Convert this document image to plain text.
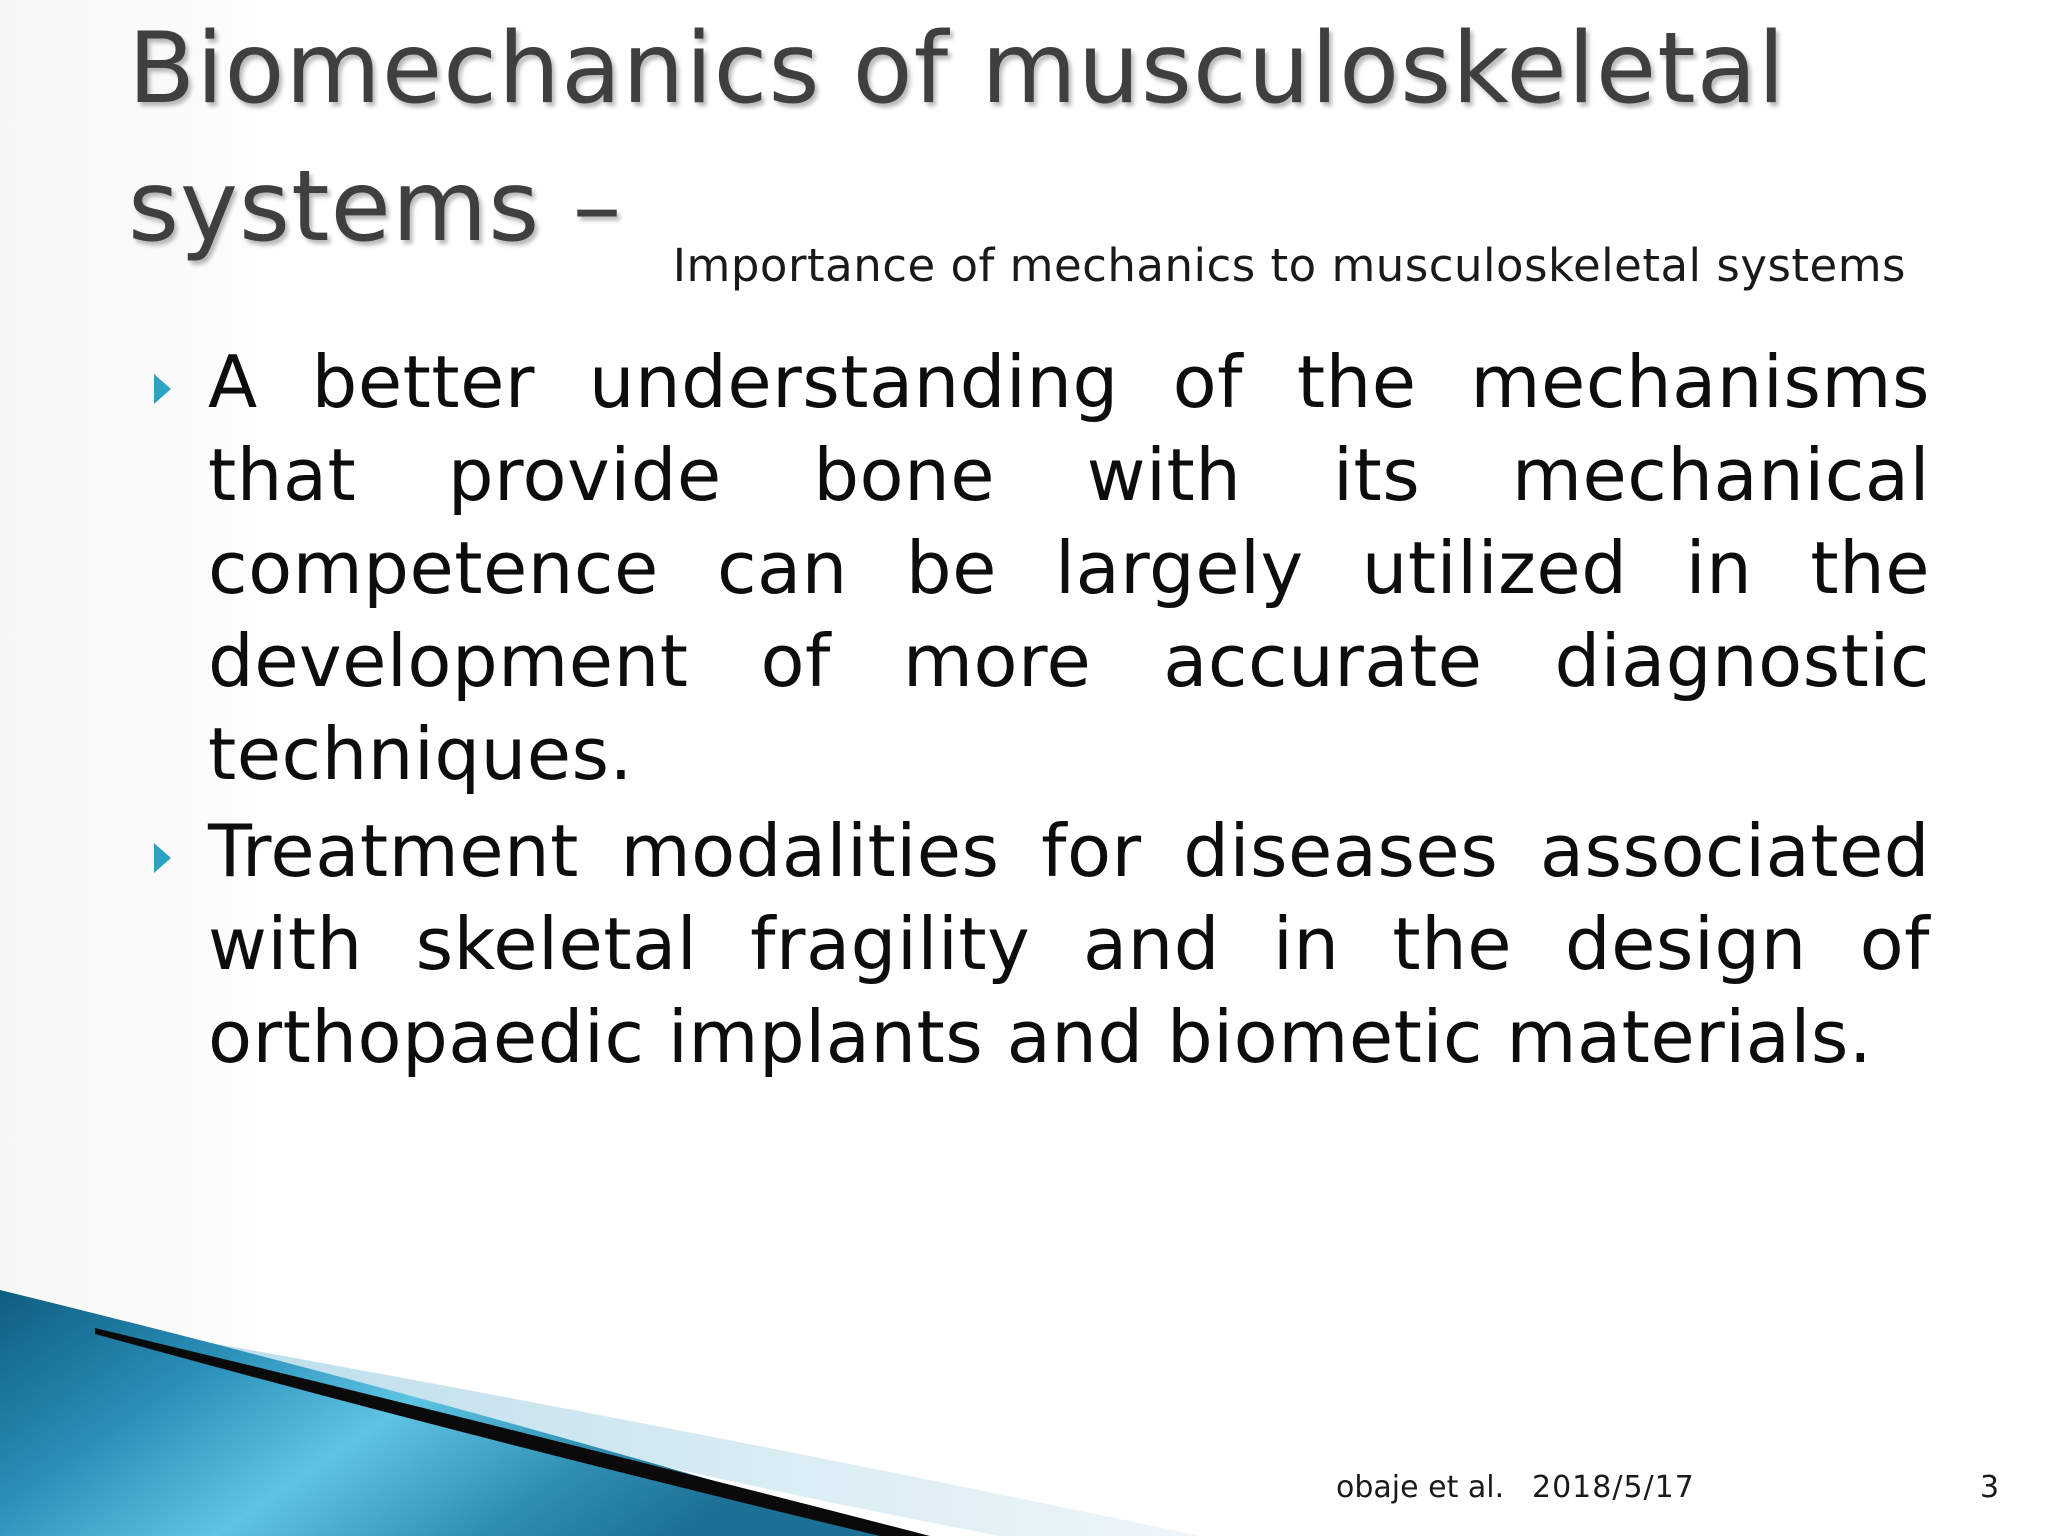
Biomechanics of musculoskeletal
systems –
Importance of mechanics to musculoskeletal systems
A better understanding of the mechanisms that provide bone with its mechanical competence can be largely utilized in the development of more accurate diagnostic techniques.
Treatment modalities for diseases associated with skeletal fragility and in the design of orthopaedic implants and biometic materials.
obaje et al. 2018/5/17	3
